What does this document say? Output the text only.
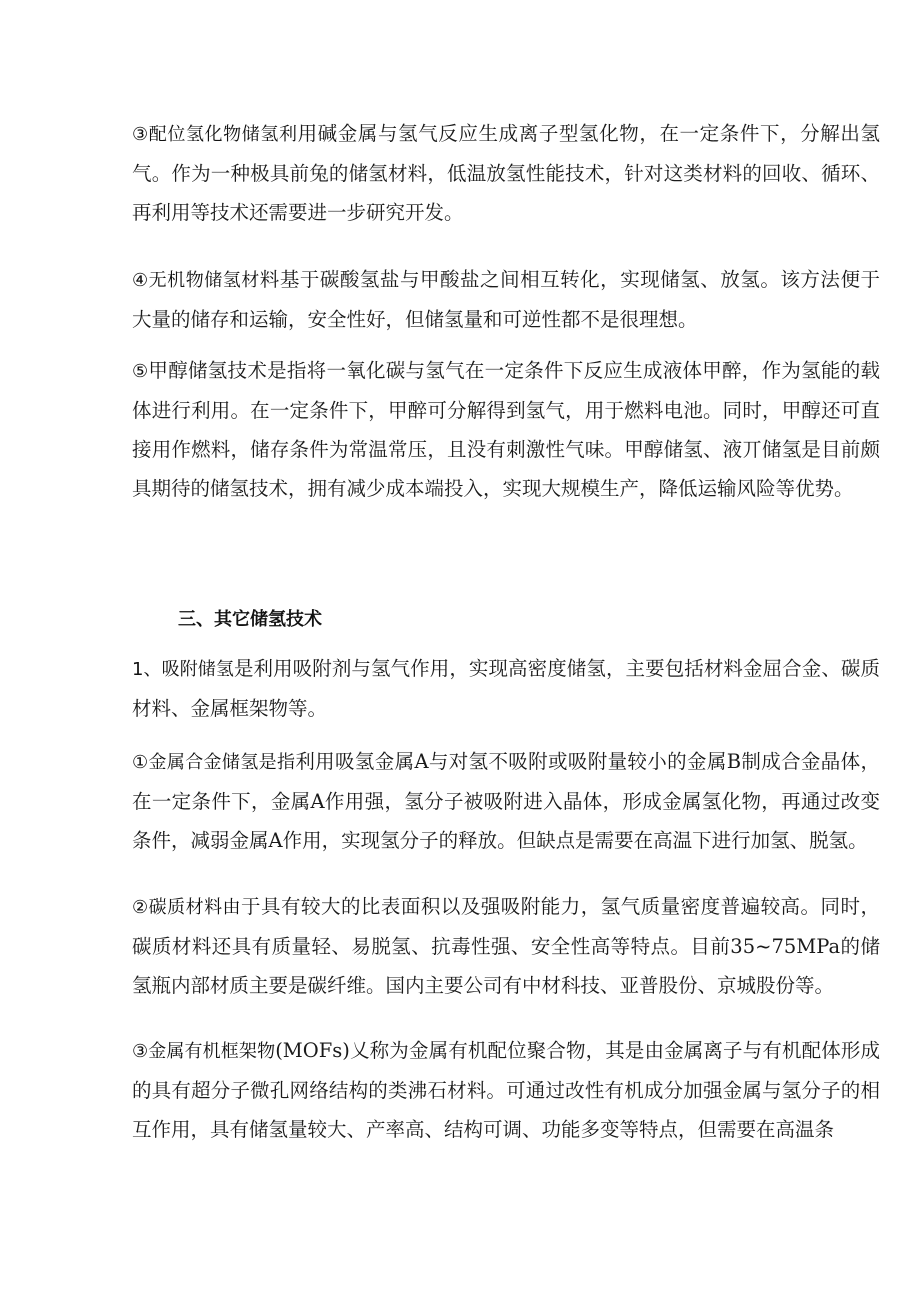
③配位氢化物储氢利用碱金属与氢气反应生成离子型氢化物，在一定条件下，分解出氢气。作为一种极具前兔的储氢材料，低温放氢性能技术，针对这类材料的回收、循环、再利用等技术还需要进一步研究开发。

④无机物储氢材料基于碳酸氢盐与甲酸盐之间相互转化，实现储氢、放氢。该方法便于大量的储存和运输，安全性好，但储氢量和可逆性都不是很理想。

⑤甲醇储氢技术是指将一氧化碳与氢气在一定条件下反应生成液体甲醉，作为氢能的载体进行利用。在一定条件下，甲醉可分解得到氢气，用于燃料电池。同时，甲醇还可直接用作燃料，储存条件为常温常压，且没有刺激性气味。甲醇储氢、液丌储氢是目前颇具期待的储氢技术，拥有减少成本端投入，实现大规模生产，降低运输风险等优势。

三、其它储氢技术

1、吸附储氢是利用吸附剂与氢气作用，实现高密度储氢，主要包括材料金屈合金、碳质材料、金属框架物等。

①金属合金储氢是指利用吸氢金属A与对氢不吸附或吸附量较小的金属B制成合金晶体，在一定条件下，金属A作用强，氢分子被吸附进入晶体，形成金属氢化物，再通过改变条件，减弱金属A作用，实现氢分子的释放。但缺点是需要在高温下进行加氢、脱氢。

②碳质材料由于具有较大的比表面积以及强吸附能力，氢气质量密度普遍较高。同时，碳质材料还具有质量轻、易脱氢、抗毒性强、安全性高等特点。目前35~75MPa的储氢瓶内部材质主要是碳纤维。国内主要公司有中材科技、亚普股份、京城股份等。

③金属有机框架物(MOFs)乂称为金属有机配位聚合物，其是由金属离子与有机配体形成的具有超分子微孔网络结构的类沸石材料。可通过改性有机成分加强金属与氢分子的相互作用，具有储氢量较大、产率高、结构可调、功能多变等特点，但需要在高温条
